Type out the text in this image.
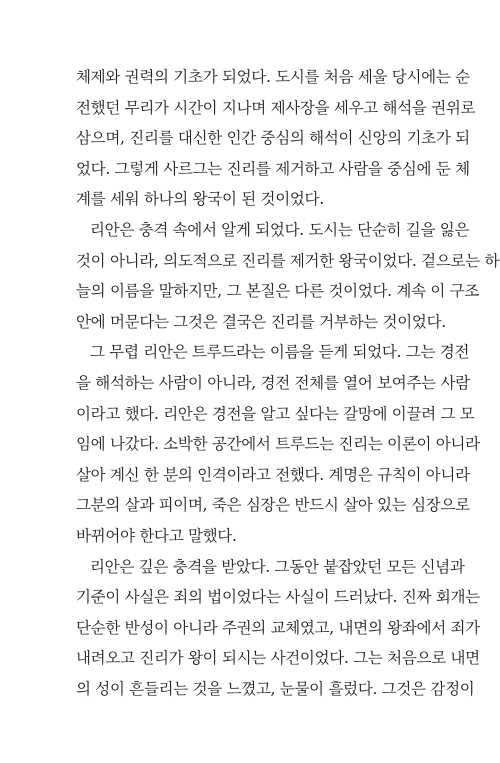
체제와 권력의 기초가 되었다. 도시를 처음 세울 당시에는 순
전했던 무리가 시간이 지나며 제사장을 세우고 해석을 권위로
삼으며, 진리를 대신한 인간 중심의 해석이 신앙의 기초가 되
었다. 그렇게 사르그는 진리를 제거하고 사람을 중심에 둔 체
계를 세워 하나의 왕국이 된 것이었다.
리안은 충격 속에서 알게 되었다. 도시는 단순히 길을 잃은
것이 아니라, 의도적으로 진리를 제거한 왕국이었다. 겉으로는 하
늘의 이름을 말하지만, 그 본질은 다른 것이었다. 계속 이 구조
안에 머문다는 그것은 결국은 진리를 거부하는 것이었다.
그 무렵 리안은 트루드라는 이름을 듣게 되었다. 그는 경전
을 해석하는 사람이 아니라, 경전 전체를 열어 보여주는 사람
이라고 했다. 리안은 경전을 알고 싶다는 갈망에 이끌려 그 모
임에 나갔다. 소박한 공간에서 트루드는 진리는 이론이 아니라
살아 계신 한 분의 인격이라고 전했다. 계명은 규칙이 아니라
그분의 살과 피이며, 죽은 심장은 반드시 살아 있는 심장으로
바뀌어야 한다고 말했다.
리안은 깊은 충격을 받았다. 그동안 붙잡았던 모든 신념과
기준이 사실은 죄의 법이었다는 사실이 드러났다. 진짜 회개는
단순한 반성이 아니라 주권의 교체였고, 내면의 왕좌에서 죄가
내려오고 진리가 왕이 되시는 사건이었다. 그는 처음으로 내면
의 성이 흔들리는 것을 느꼈고, 눈물이 흘렀다. 그것은 감정이
